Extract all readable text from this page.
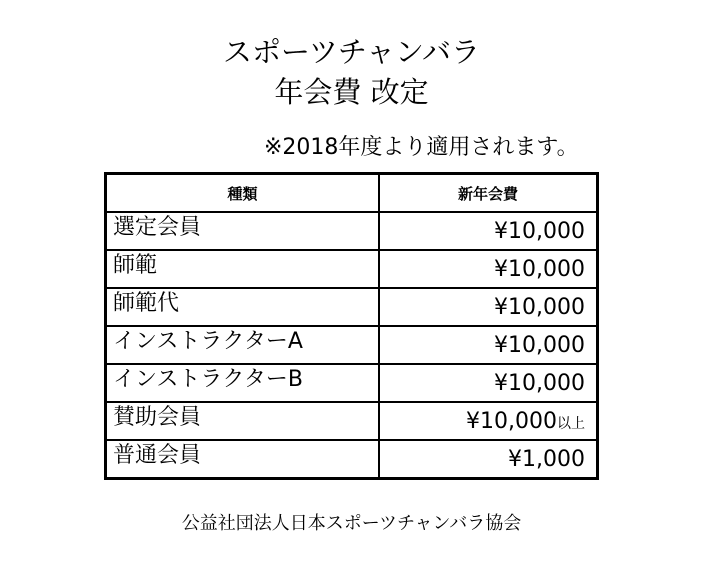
スポーツチャンバラ
年会費 改定
※2018年度より適用されます。
種類	新年会費
選定会員	¥10,000
師範	¥10,000
師範代	¥10,000
インストラクターA	¥10,000
インストラクターB	¥10,000
賛助会員	¥10,000以上
普通会員	¥1,000
公益社団法人日本スポーツチャンバラ協会
